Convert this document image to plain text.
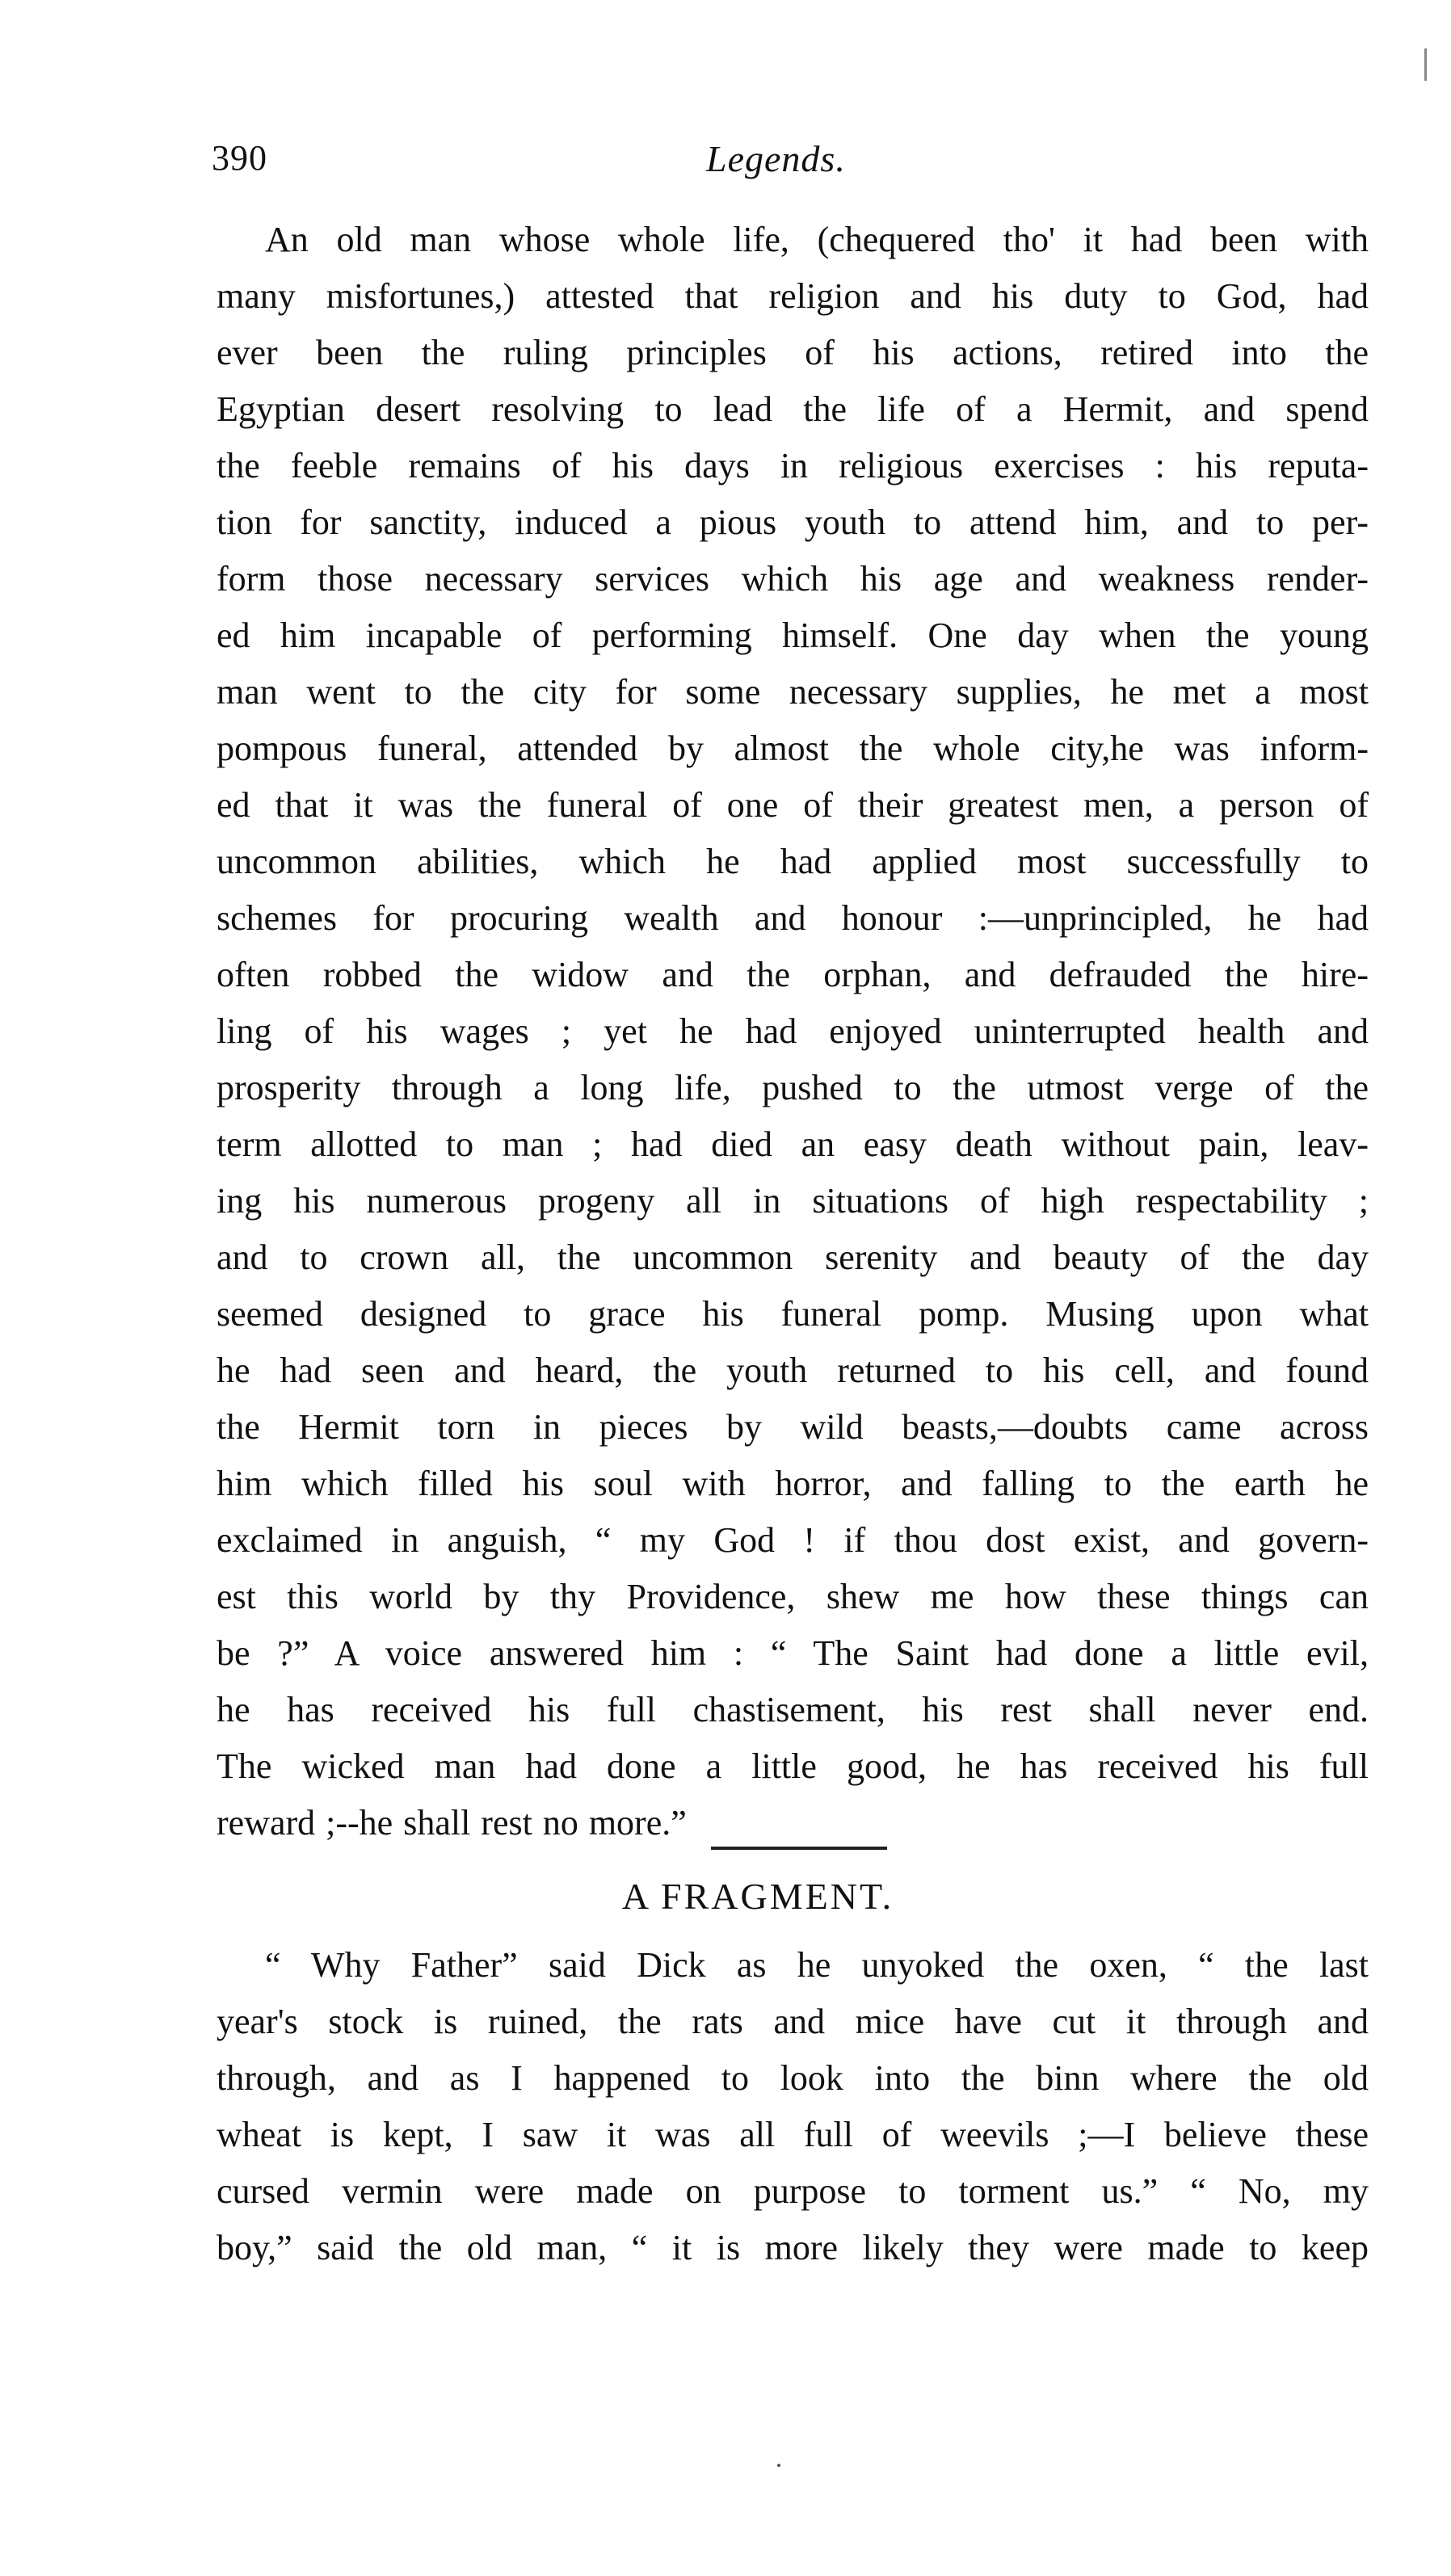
390	Legends.
An old man whose whole life, (chequered tho' it had been with
many misfortunes,) attested that religion and his duty to God, had
ever been the ruling principles of his actions, retired into the
Egyptian desert resolving to lead the life of a Hermit, and spend
the feeble remains of his days in religious exercises : his reputa-
tion for sanctity, induced a pious youth to attend him, and to per-
form those necessary services which his age and weakness render-
ed him incapable of performing himself. One day when the young
man went to the city for some necessary supplies, he met a most
pompous funeral, attended by almost the whole city,he was inform-
ed that it was the funeral of one of their greatest men, a person of
uncommon abilities, which he had applied most successfully to
schemes for procuring wealth and honour :—unprincipled, he had
often robbed the widow and the orphan, and defrauded the hire-
ling of his wages ; yet he had enjoyed uninterrupted health and
prosperity through a long life, pushed to the utmost verge of the
term allotted to man ; had died an easy death without pain, leav-
ing his numerous progeny all in situations of high respectability ;
and to crown all, the uncommon serenity and beauty of the day
seemed designed to grace his funeral pomp. Musing upon what
he had seen and heard, the youth returned to his cell, and found
the Hermit torn in pieces by wild beasts,—doubts came across
him which filled his soul with horror, and falling to the earth he
exclaimed in anguish, “ my God ! if thou dost exist, and govern-
est this world by thy Providence, shew me how these things can
be ?” A voice answered him : “ The Saint had done a little evil,
he has received his full chastisement, his rest shall never end.
The wicked man had done a little good, he has received his full
reward ;--he shall rest no more.”
A FRAGMENT.
“ Why Father” said Dick as he unyoked the oxen, “ the last
year's stock is ruined, the rats and mice have cut it through and
through, and as I happened to look into the binn where the old
wheat is kept, I saw it was all full of weevils ;—I believe these
cursed vermin were made on purpose to torment us.” “ No, my
boy,” said the old man, “ it is more likely they were made to keep
